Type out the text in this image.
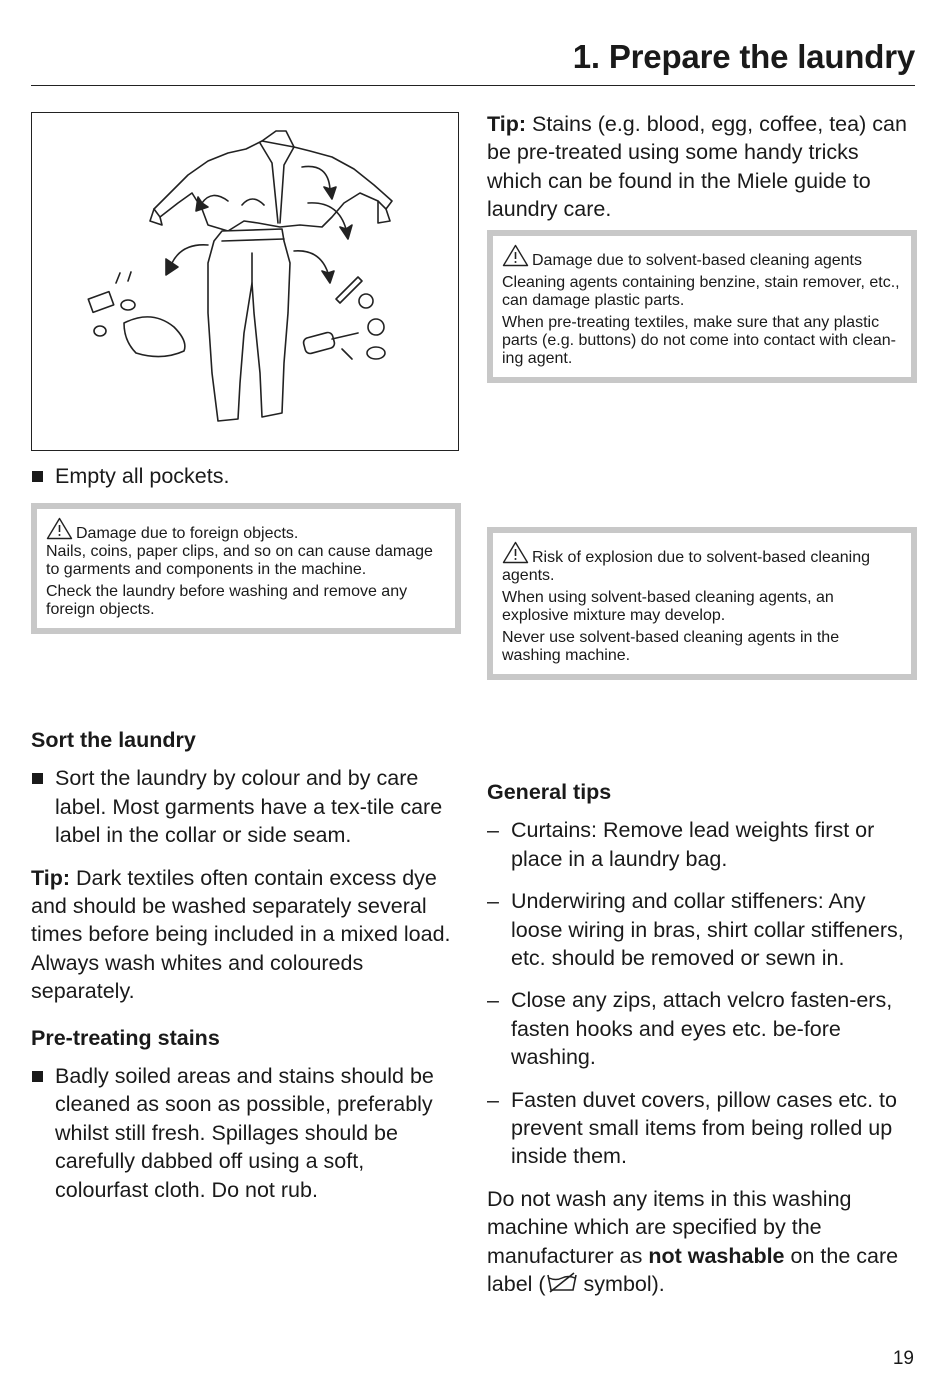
1. Prepare the laundry
Empty all pockets.

Damage due to foreign objects.

Nails, coins, paper clips, and so on can cause damage to garments and components in the machine.

Check the laundry before washing and remove any foreign objects.

Sort the laundry
Sort the laundry by colour and by care label. Most garments have a tex-tile care label in the collar or side seam.

Tip: Dark textiles often contain excess dye and should be washed separately several times before being included in a mixed load. Always wash whites and coloureds separately.

Pre-treating stains
Badly soiled areas and stains should be cleaned as soon as possible, preferably whilst still fresh. Spillages should be carefully dabbed off using a soft, colourfast cloth. Do not rub.

Tip: Stains (e.g. blood, egg, coffee, tea) can be pre-treated using some handy tricks which can be found in the Miele guide to laundry care.

Damage due to solvent-based cleaning agents

Cleaning agents containing benzine, stain remover, etc., can damage plastic parts.

When pre-treating textiles, make sure that any plastic parts (e.g. buttons) do not come into contact with clean-ing agent.

Risk of explosion due to solvent-based cleaning agents.

When using solvent-based cleaning agents, an explosive mixture may develop.

Never use solvent-based cleaning agents in the washing machine.

General tips
– Curtains: Remove lead weights first or place in a laundry bag.
– Underwiring and collar stiffeners: Any loose wiring in bras, shirt collar stiffeners, etc. should be removed or sewn in.
– Close any zips, attach velcro fasten-ers, fasten hooks and eyes etc. be-fore washing.
– Fasten duvet covers, pillow cases etc. to prevent small items from being rolled up inside them.

Do not wash any items in this washing machine which are specified by the manufacturer as not washable on the care label ( symbol).

19
